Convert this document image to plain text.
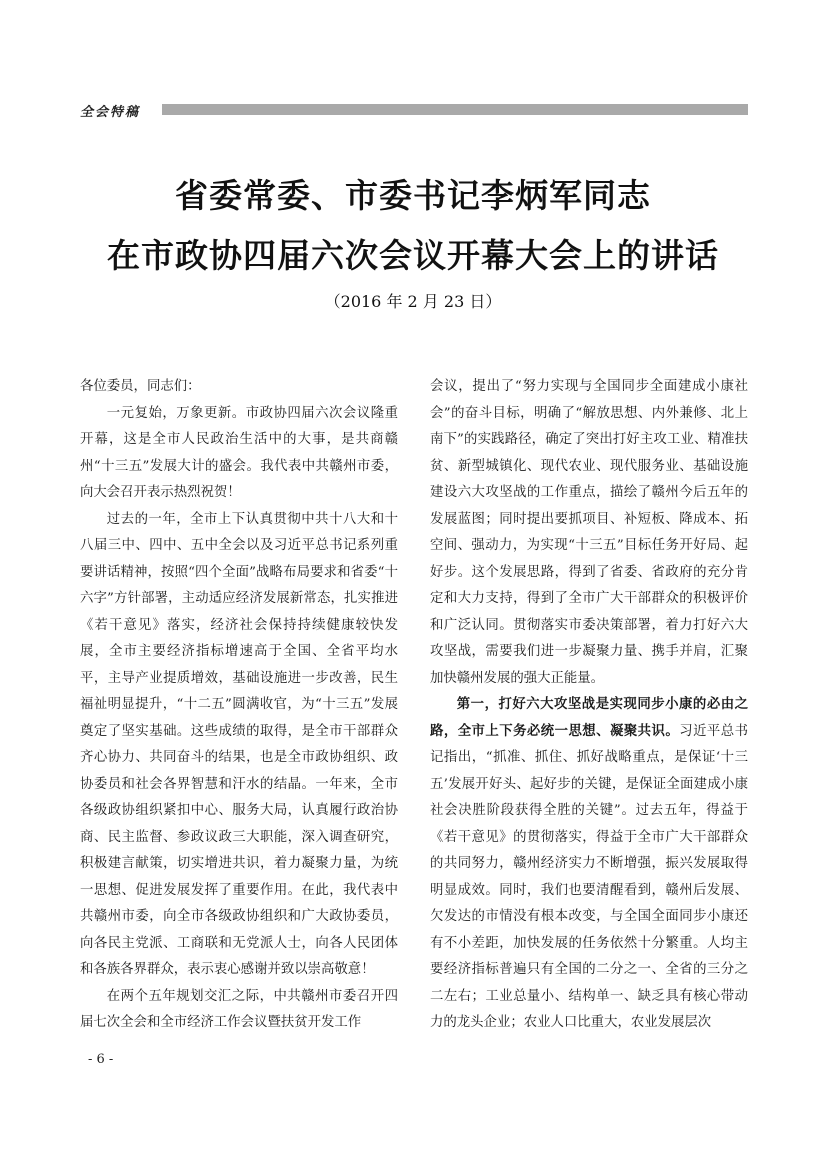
全会特稿
省委常委、市委书记李炳军同志
在市政协四届六次会议开幕大会上的讲话
（2016 年 2 月 23 日）

各位委员，同志们：

一元复始，万象更新。市政协四届六次会议隆重开幕，这是全市人民政治生活中的大事，是共商赣州“十三五”发展大计的盛会。我代表中共赣州市委，向大会召开表示热烈祝贺！

过去的一年，全市上下认真贯彻中共十八大和十八届三中、四中、五中全会以及习近平总书记系列重要讲话精神，按照“四个全面”战略布局要求和省委“十六字”方针部署，主动适应经济发展新常态，扎实推进《若干意见》落实，经济社会保持持续健康较快发展，全市主要经济指标增速高于全国、全省平均水平，主导产业提质增效，基础设施进一步改善，民生福祉明显提升，“十二五”圆满收官，为“十三五”发展奠定了坚实基础。这些成绩的取得，是全市干部群众齐心协力、共同奋斗的结果，也是全市政协组织、政协委员和社会各界智慧和汗水的结晶。一年来，全市各级政协组织紧扣中心、服务大局，认真履行政治协商、民主监督、参政议政三大职能，深入调查研究，积极建言献策，切实增进共识，着力凝聚力量，为统一思想、促进发展发挥了重要作用。在此，我代表中共赣州市委，向全市各级政协组织和广大政协委员，向各民主党派、工商联和无党派人士，向各人民团体和各族各界群众，表示衷心感谢并致以崇高敬意！

在两个五年规划交汇之际，中共赣州市委召开四届七次全会和全市经济工作会议暨扶贫开发工作

会议，提出了“努力实现与全国同步全面建成小康社会”的奋斗目标，明确了“解放思想、内外兼修、北上南下”的实践路径，确定了突出打好主攻工业、精准扶贫、新型城镇化、现代农业、现代服务业、基础设施建设六大攻坚战的工作重点，描绘了赣州今后五年的发展蓝图；同时提出要抓项目、补短板、降成本、拓空间、强动力，为实现“十三五”目标任务开好局、起好步。这个发展思路，得到了省委、省政府的充分肯定和大力支持，得到了全市广大干部群众的积极评价和广泛认同。贯彻落实市委决策部署，着力打好六大攻坚战，需要我们进一步凝聚力量、携手并肩，汇聚加快赣州发展的强大正能量。

第一，打好六大攻坚战是实现同步小康的必由之路，全市上下务必统一思想、凝聚共识。习近平总书记指出，“抓准、抓住、抓好战略重点，是保证‘十三五’发展开好头、起好步的关键，是保证全面建成小康社会决胜阶段获得全胜的关键”。过去五年，得益于《若干意见》的贯彻落实，得益于全市广大干部群众的共同努力，赣州经济实力不断增强，振兴发展取得明显成效。同时，我们也要清醒看到，赣州后发展、欠发达的市情没有根本改变，与全国全面同步小康还有不小差距，加快发展的任务依然十分繁重。人均主要经济指标普遍只有全国的二分之一、全省的三分之二左右；工业总量小、结构单一、缺乏具有核心带动力的龙头企业；农业人口比重大，农业发展层次

- 6 -
